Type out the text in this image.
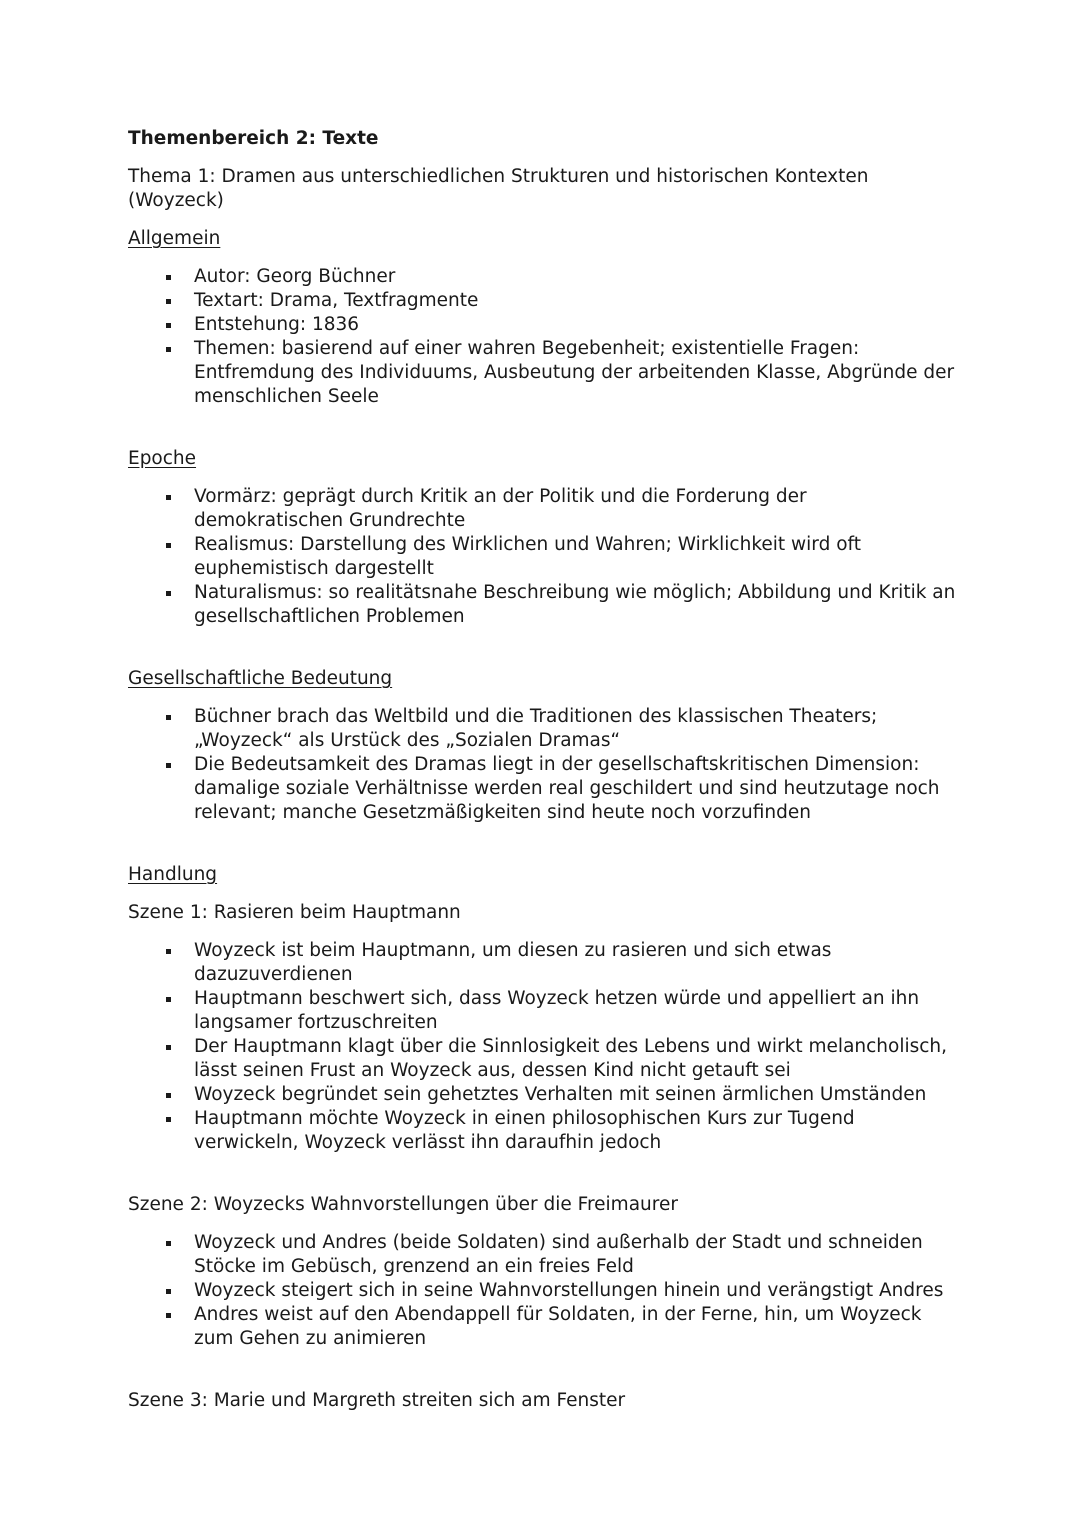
Themenbereich 2: Texte
Thema 1: Dramen aus unterschiedlichen Strukturen und historischen Kontexten (Woyzeck)
Allgemein
Autor: Georg Büchner
Textart: Drama, Textfragmente
Entstehung: 1836
Themen: basierend auf einer wahren Begebenheit; existentielle Fragen: Entfremdung des Individuums, Ausbeutung der arbeitenden Klasse, Abgründe der menschlichen Seele
Epoche
Vormärz: geprägt durch Kritik an der Politik und die Forderung der demokratischen Grundrechte
Realismus: Darstellung des Wirklichen und Wahren; Wirklichkeit wird oft euphemistisch dargestellt
Naturalismus: so realitätsnahe Beschreibung wie möglich; Abbildung und Kritik an gesellschaftlichen Problemen
Gesellschaftliche Bedeutung
Büchner brach das Weltbild und die Traditionen des klassischen Theaters; „Woyzeck“ als Urstück des „Sozialen Dramas“
Die Bedeutsamkeit des Dramas liegt in der gesellschaftskritischen Dimension: damalige soziale Verhältnisse werden real geschildert und sind heutzutage noch relevant; manche Gesetzmäßigkeiten sind heute noch vorzufinden
Handlung
Szene 1: Rasieren beim Hauptmann
Woyzeck ist beim Hauptmann, um diesen zu rasieren und sich etwas dazuzuverdienen
Hauptmann beschwert sich, dass Woyzeck hetzen würde und appelliert an ihn langsamer fortzuschreiten
Der Hauptmann klagt über die Sinnlosigkeit des Lebens und wirkt melancholisch, lässt seinen Frust an Woyzeck aus, dessen Kind nicht getauft sei
Woyzeck begründet sein gehetztes Verhalten mit seinen ärmlichen Umständen
Hauptmann möchte Woyzeck in einen philosophischen Kurs zur Tugend verwickeln, Woyzeck verlässt ihn daraufhin jedoch
Szene 2: Woyzecks Wahnvorstellungen über die Freimaurer
Woyzeck und Andres (beide Soldaten) sind außerhalb der Stadt und schneiden Stöcke im Gebüsch, grenzend an ein freies Feld
Woyzeck steigert sich in seine Wahnvorstellungen hinein und verängstigt Andres
Andres weist auf den Abendappell für Soldaten, in der Ferne, hin, um Woyzeck zum Gehen zu animieren
Szene 3: Marie und Margreth streiten sich am Fenster
